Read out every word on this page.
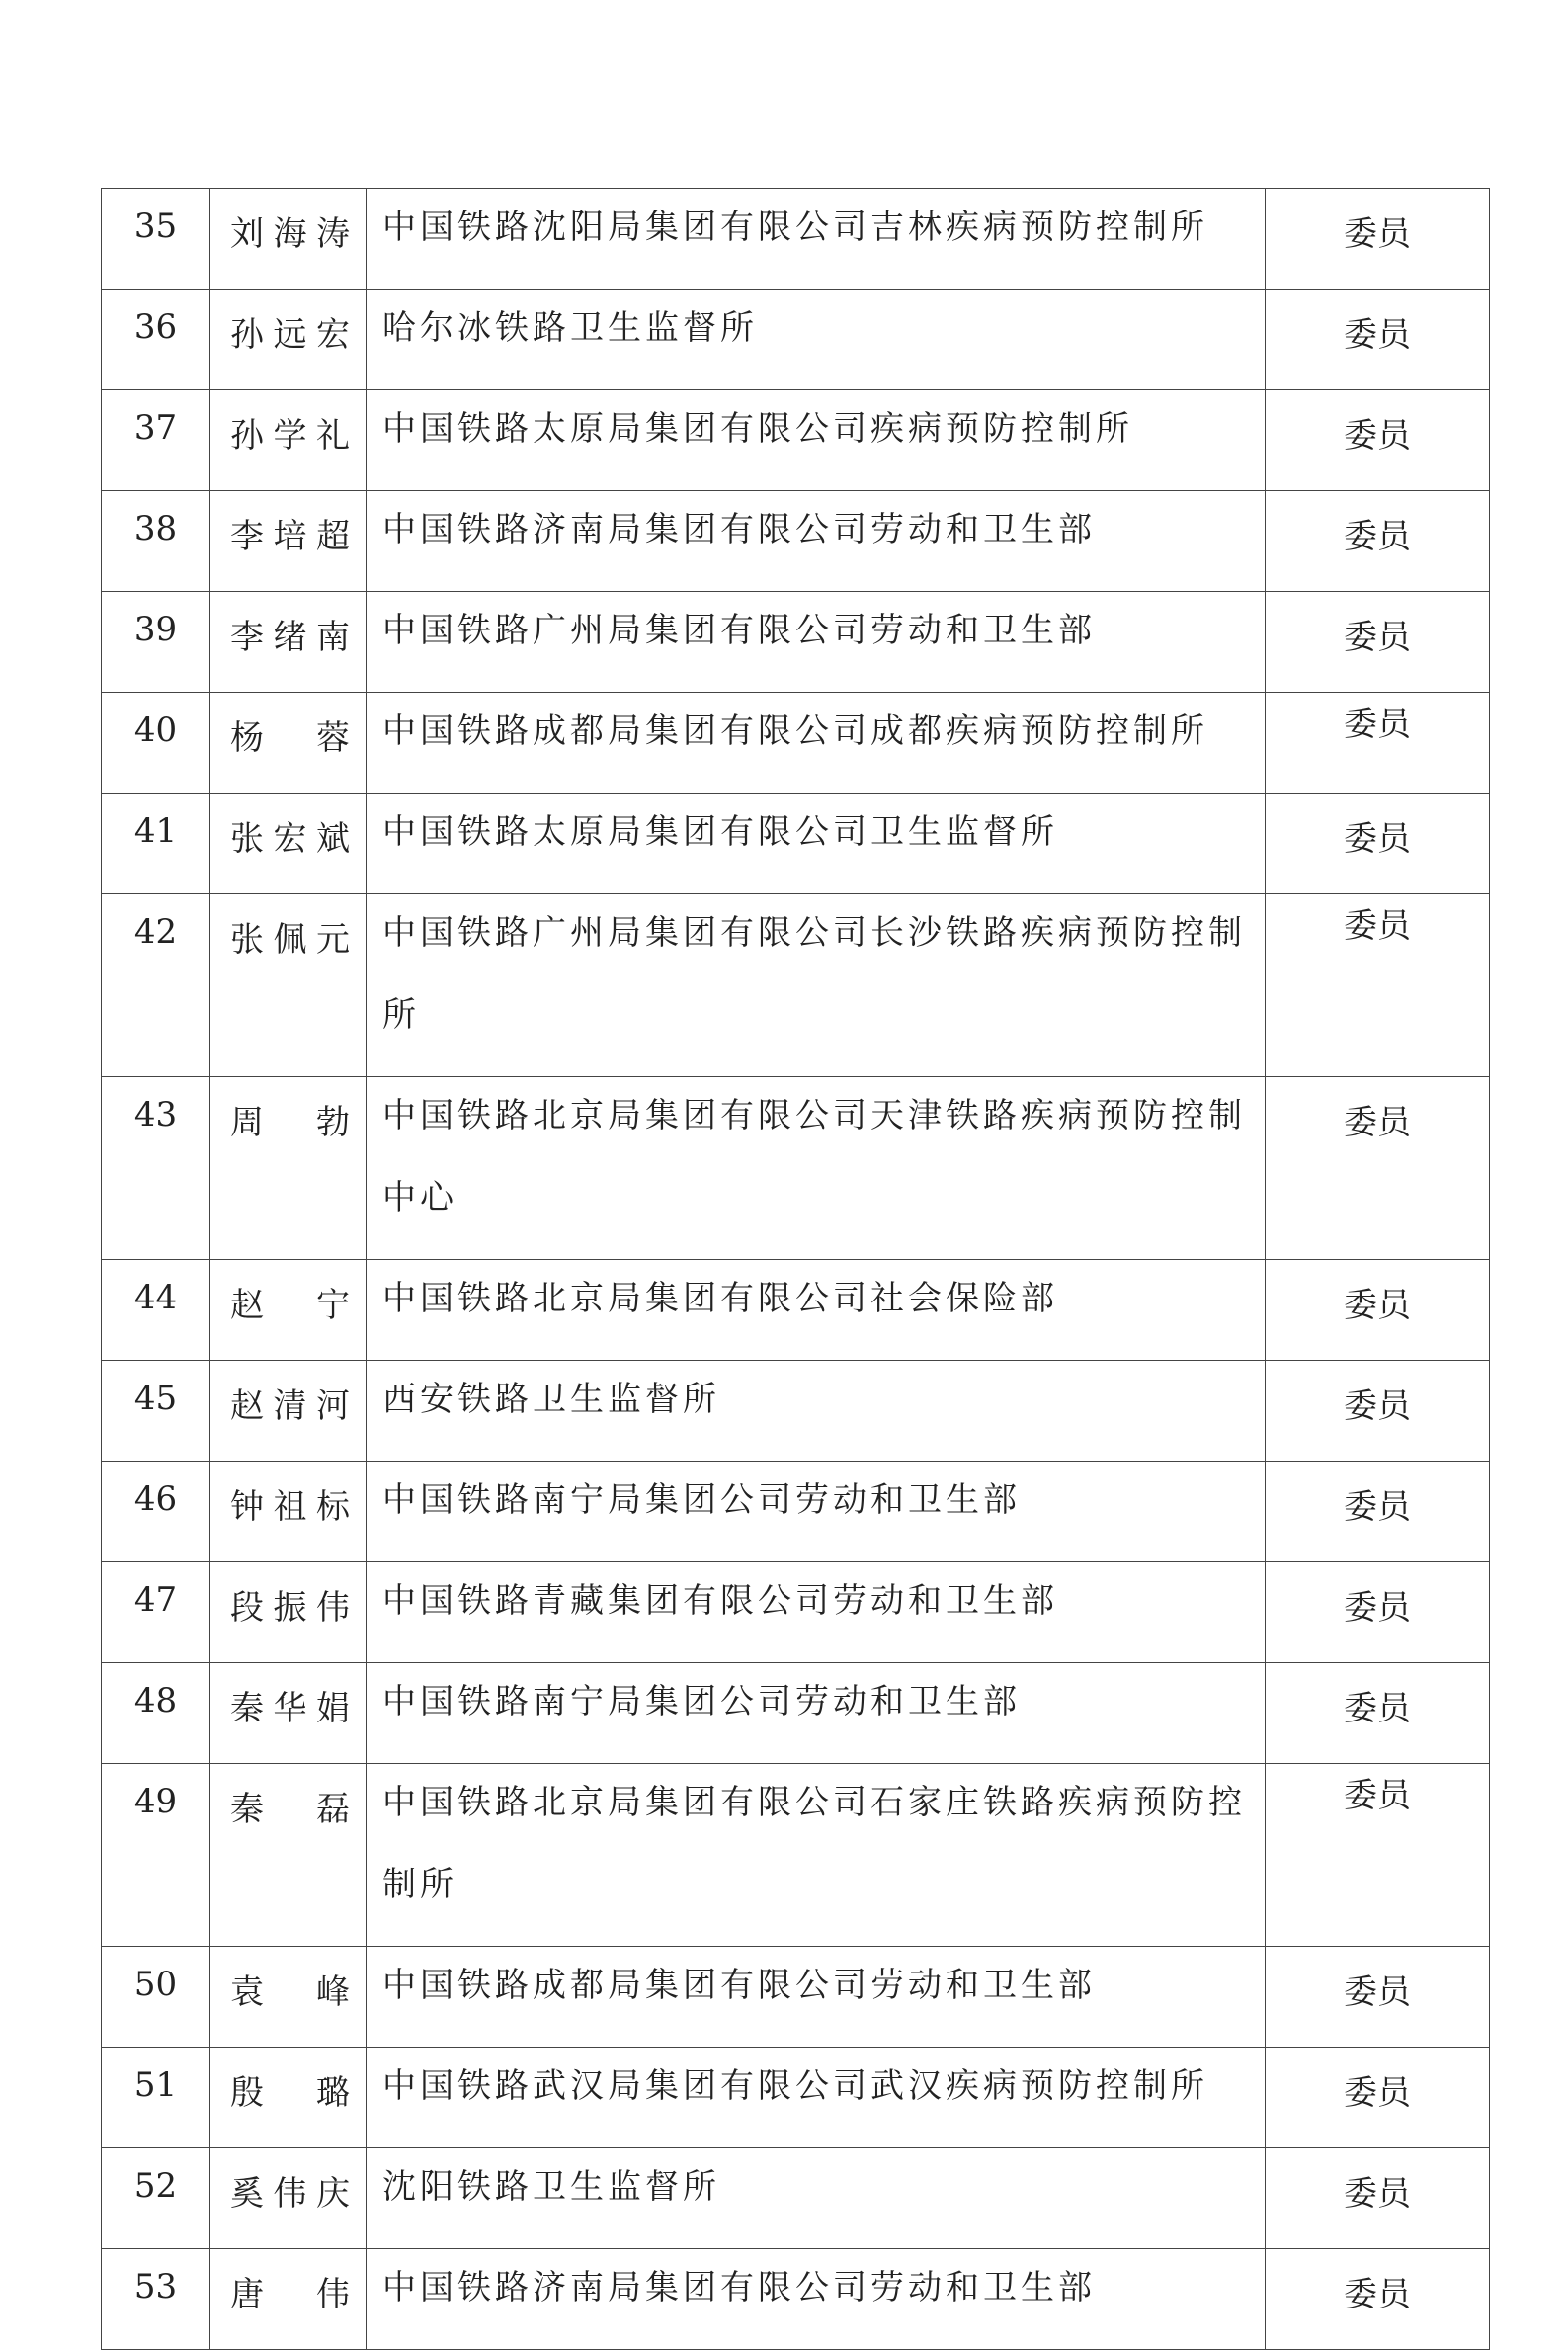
35	刘海涛	中国铁路沈阳局集团有限公司吉林疾病预防控制所	委员
36	孙远宏	哈尔冰铁路卫生监督所	委员
37	孙学礼	中国铁路太原局集团有限公司疾病预防控制所	委员
38	李培超	中国铁路济南局集团有限公司劳动和卫生部	委员
39	李绪南	中国铁路广州局集团有限公司劳动和卫生部	委员
40	杨蓉	中国铁路成都局集团有限公司成都疾病预防控制所	委员
41	张宏斌	中国铁路太原局集团有限公司卫生监督所	委员
42	张佩元	中国铁路广州局集团有限公司长沙铁路疾病预防控制所	委员
43	周勃	中国铁路北京局集团有限公司天津铁路疾病预防控制中心	委员
44	赵宁	中国铁路北京局集团有限公司社会保险部	委员
45	赵清河	西安铁路卫生监督所	委员
46	钟祖标	中国铁路南宁局集团公司劳动和卫生部	委员
47	段振伟	中国铁路青藏集团有限公司劳动和卫生部	委员
48	秦华娟	中国铁路南宁局集团公司劳动和卫生部	委员
49	秦磊	中国铁路北京局集团有限公司石家庄铁路疾病预防控制所	委员
50	袁峰	中国铁路成都局集团有限公司劳动和卫生部	委员
51	殷璐	中国铁路武汉局集团有限公司武汉疾病预防控制所	委员
52	奚伟庆	沈阳铁路卫生监督所	委员
53	唐伟	中国铁路济南局集团有限公司劳动和卫生部	委员
